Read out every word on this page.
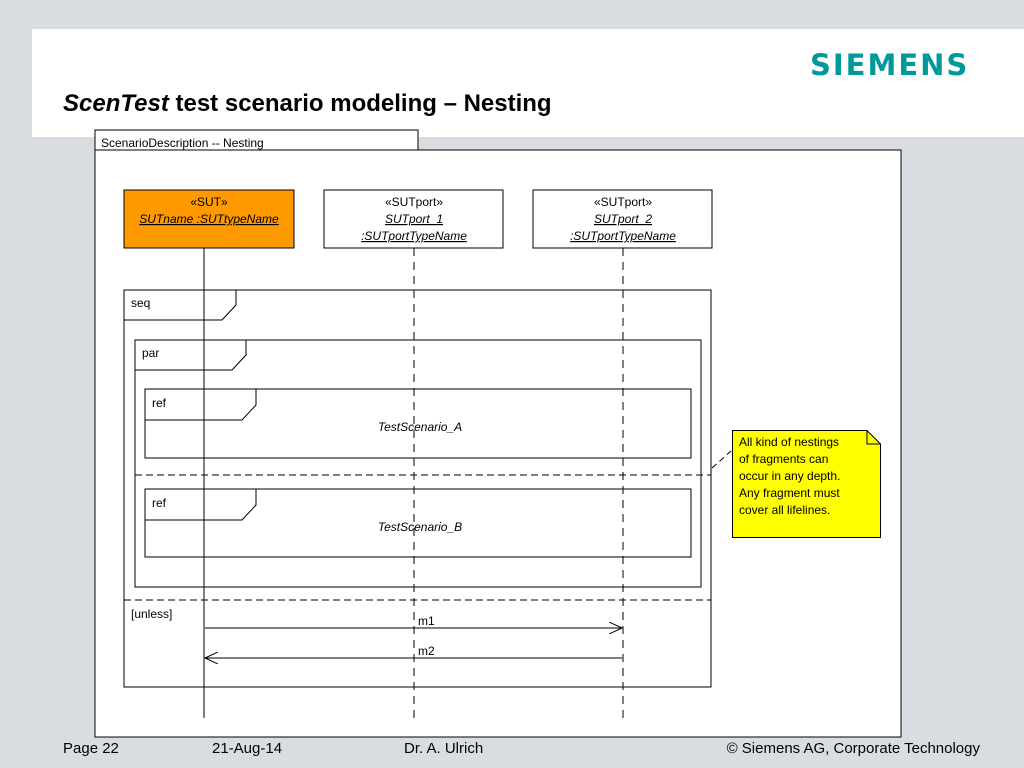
SIEMENS
ScenTest test scenario modeling – Nesting
ScenarioDescription -- Nesting
«SUT»
SUTname :SUTtypeName
«SUTport»
SUTport_1
:SUTportTypeName
«SUTport»
SUTport_2
:SUTportTypeName
seq
par
ref
TestScenario_A
ref
TestScenario_B
[unless]	m1
m2
All kind of nestings
of fragments can
occur in any depth.
Any fragment must
cover all lifelines.
Page 22	21-Aug-14	Dr. A. Ulrich	© Siemens AG, Corporate Technology
